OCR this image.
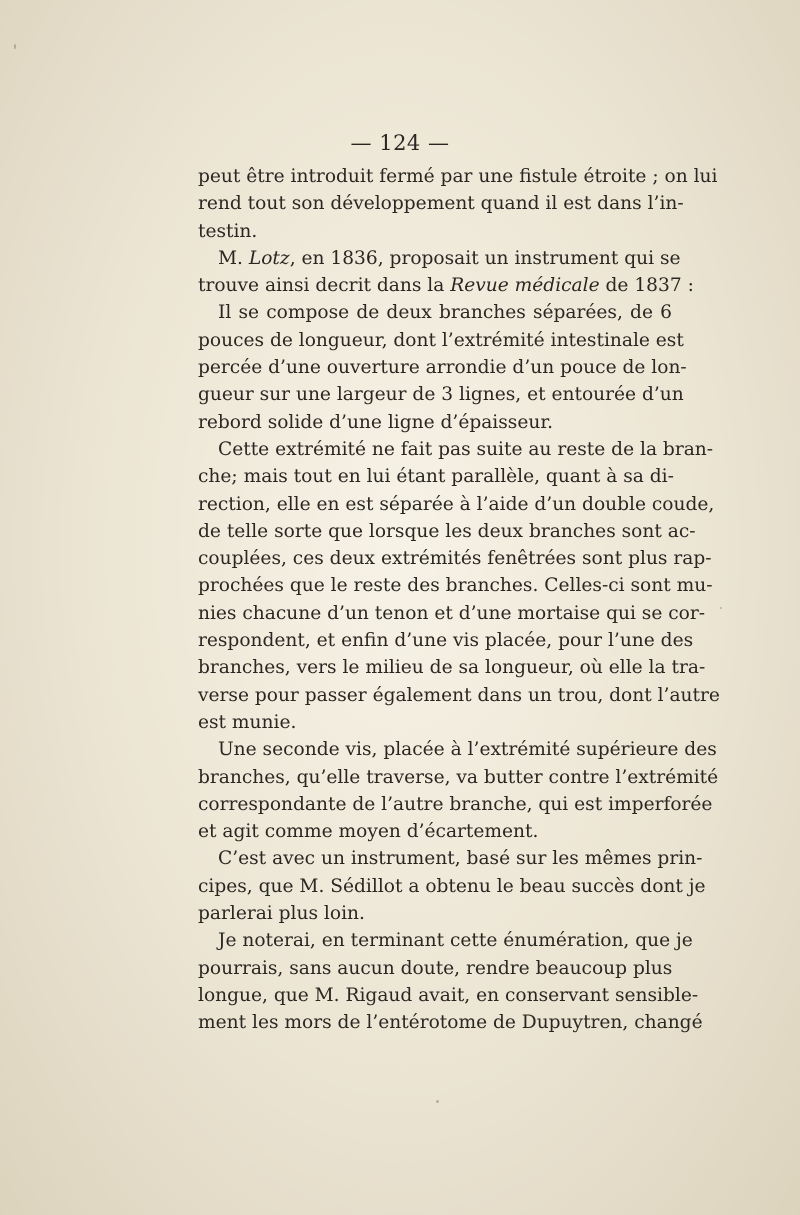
— 124 —
peut être introduit fermé par une fistule étroite ; on lui
rend tout son développement quand il est dans l’in-
testin.
M. Lotz, en 1836, proposait un instrument qui se
trouve ainsi decrit dans la Revue médicale de 1837 :
Il se compose de deux branches séparées, de 6
pouces de longueur, dont l’extrémité intestinale est
percée d’une ouverture arrondie d’un pouce de lon-
gueur sur une largeur de 3 lignes, et entourée d’un
rebord solide d’une ligne d’épaisseur.
Cette extrémité ne fait pas suite au reste de la bran-
che; mais tout en lui étant parallèle, quant à sa di-
rection, elle en est séparée à l’aide d’un double coude,
de telle sorte que lorsque les deux branches sont ac-
couplées, ces deux extrémités fenêtrées sont plus rap-
prochées que le reste des branches. Celles-ci sont mu-
nies chacune d’un tenon et d’une mortaise qui se cor-
respondent, et enfin d’une vis placée, pour l’une des
branches, vers le milieu de sa longueur, où elle la tra-
verse pour passer également dans un trou, dont l’autre
est munie.
Une seconde vis, placée à l’extrémité supérieure des
branches, qu’elle traverse, va butter contre l’extrémité
correspondante de l’autre branche, qui est imperforée
et agit comme moyen d’écartement.
C’est avec un instrument, basé sur les mêmes prin-
cipes, que M. Sédillot a obtenu le beau succès dont je
parlerai plus loin.
Je noterai, en terminant cette énumération, que je
pourrais, sans aucun doute, rendre beaucoup plus
longue, que M. Rigaud avait, en conservant sensible-
ment les mors de l’entérotome de Dupuytren, changé
